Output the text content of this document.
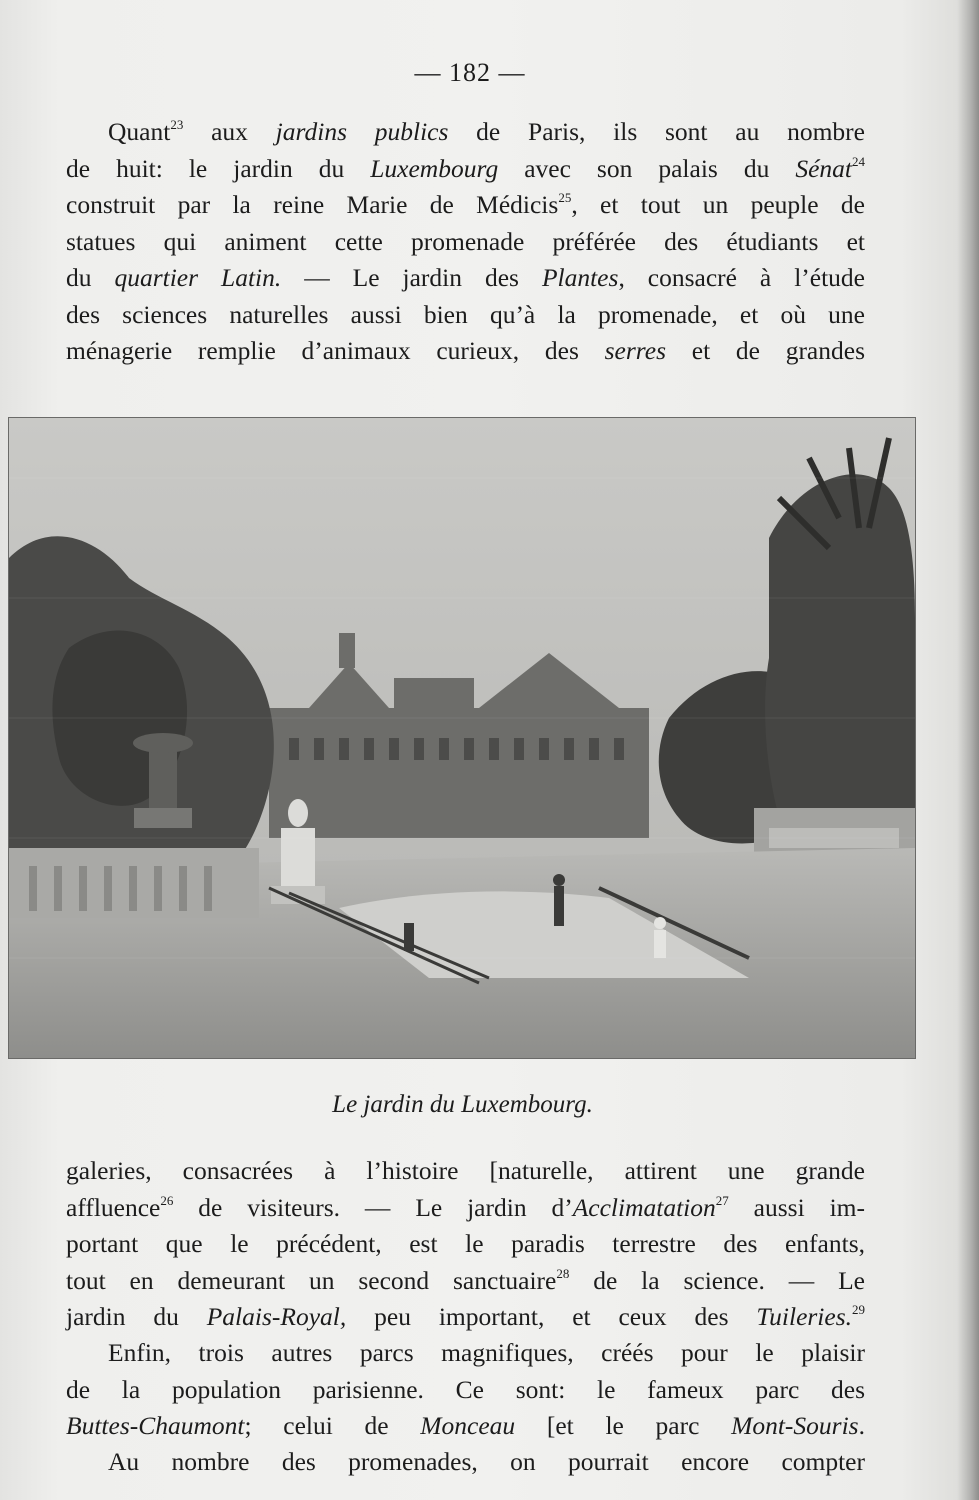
— 182 —

Quant$^{23}$ aux jardins publics de Paris, ils sont au nombre
de huit: le jardin du Luxembourg avec son palais du Sénat$^{24}$
construit par la reine Marie de Médicis$^{25}$, et tout un peuple de
statues qui animent cette promenade préférée des étudiants et
du quartier Latin. — Le jardin des Plantes, consacré à l’étude
des sciences naturelles aussi bien qu’à la promenade, et où une
ménagerie remplie d’animaux curieux, des serres et de grandes

Le jardin du Luxembourg.

galeries, consacrées à l’histoire [naturelle, attirent une grande
affluence$^{26}$ de visiteurs. — Le jardin d’Acclimatation$^{27}$ aussi im-
portant que le précédent, est le paradis terrestre des enfants,
tout en demeurant un second sanctuaire$^{28}$ de la science. — Le
jardin du Palais-Royal, peu important, et ceux des Tuileries.$^{29}$

Enfin, trois autres parcs magnifiques, créés pour le plaisir
de la population parisienne. Ce sont: le fameux parc des
Buttes-Chaumont; celui de Monceau [et le parc Mont-Souris.

Au nombre des promenades, on pourrait encore compter
